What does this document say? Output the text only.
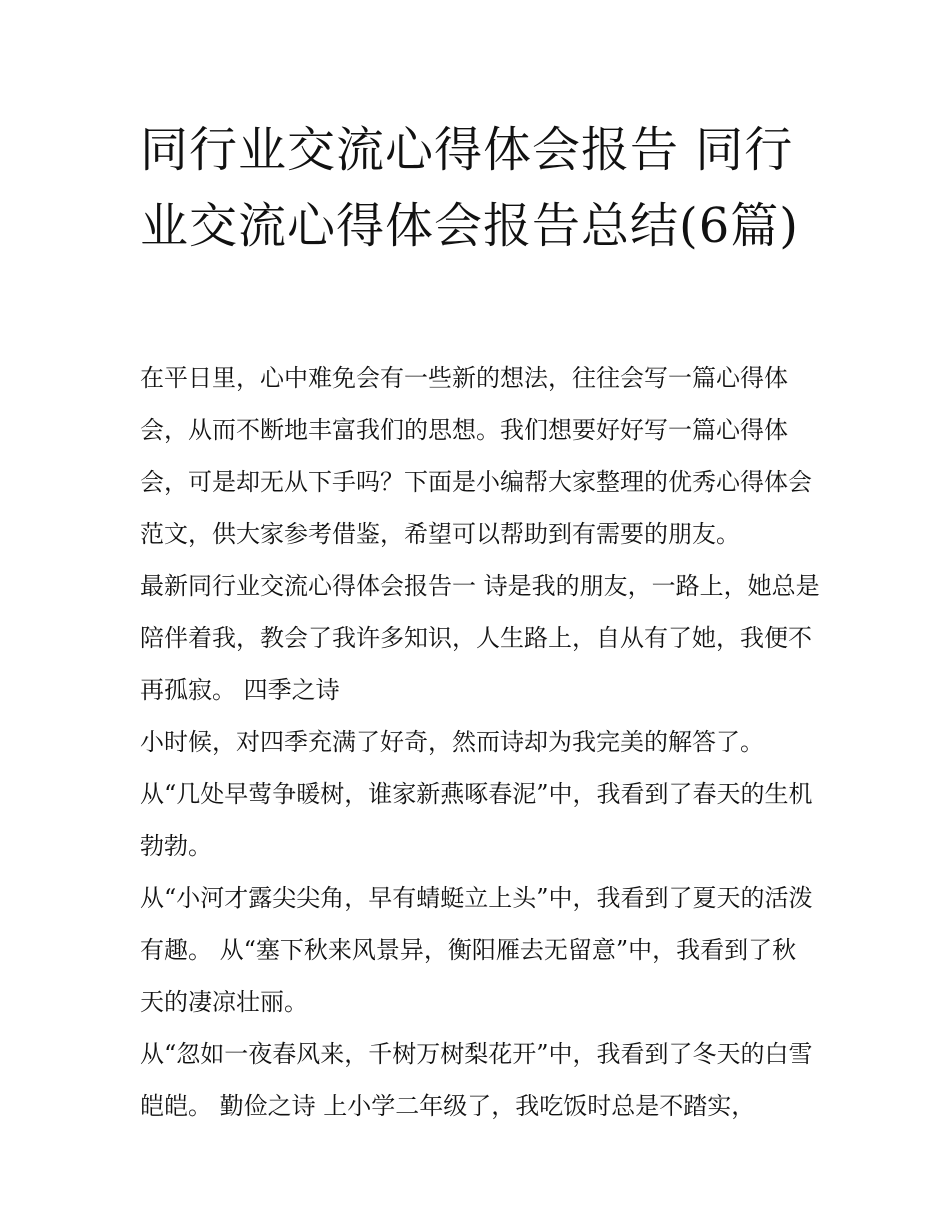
同行业交流心得体会报告 同行业交流心得体会报告总结(6篇)

在平日里，心中难免会有一些新的想法，往往会写一篇心得体会，从而不断地丰富我们的思想。我们想要好好写一篇心得体会，可是却无从下手吗？下面是小编帮大家整理的优秀心得体会范文，供大家参考借鉴，希望可以帮助到有需要的朋友。

最新同行业交流心得体会报告一 诗是我的朋友，一路上，她总是陪伴着我，教会了我许多知识，人生路上，自从有了她，我便不再孤寂。 四季之诗

小时候，对四季充满了好奇，然而诗却为我完美的解答了。

从“几处早莺争暖树，谁家新燕啄春泥”中，我看到了春天的生机勃勃。

从“小河才露尖尖角，早有蜻蜓立上头”中，我看到了夏天的活泼有趣。 从“塞下秋来风景异，衡阳雁去无留意”中，我看到了秋天的凄凉壮丽。

从“忽如一夜春风来，千树万树梨花开”中，我看到了冬天的白雪皑皑。 勤俭之诗 上小学二年级了，我吃饭时总是不踏实，
